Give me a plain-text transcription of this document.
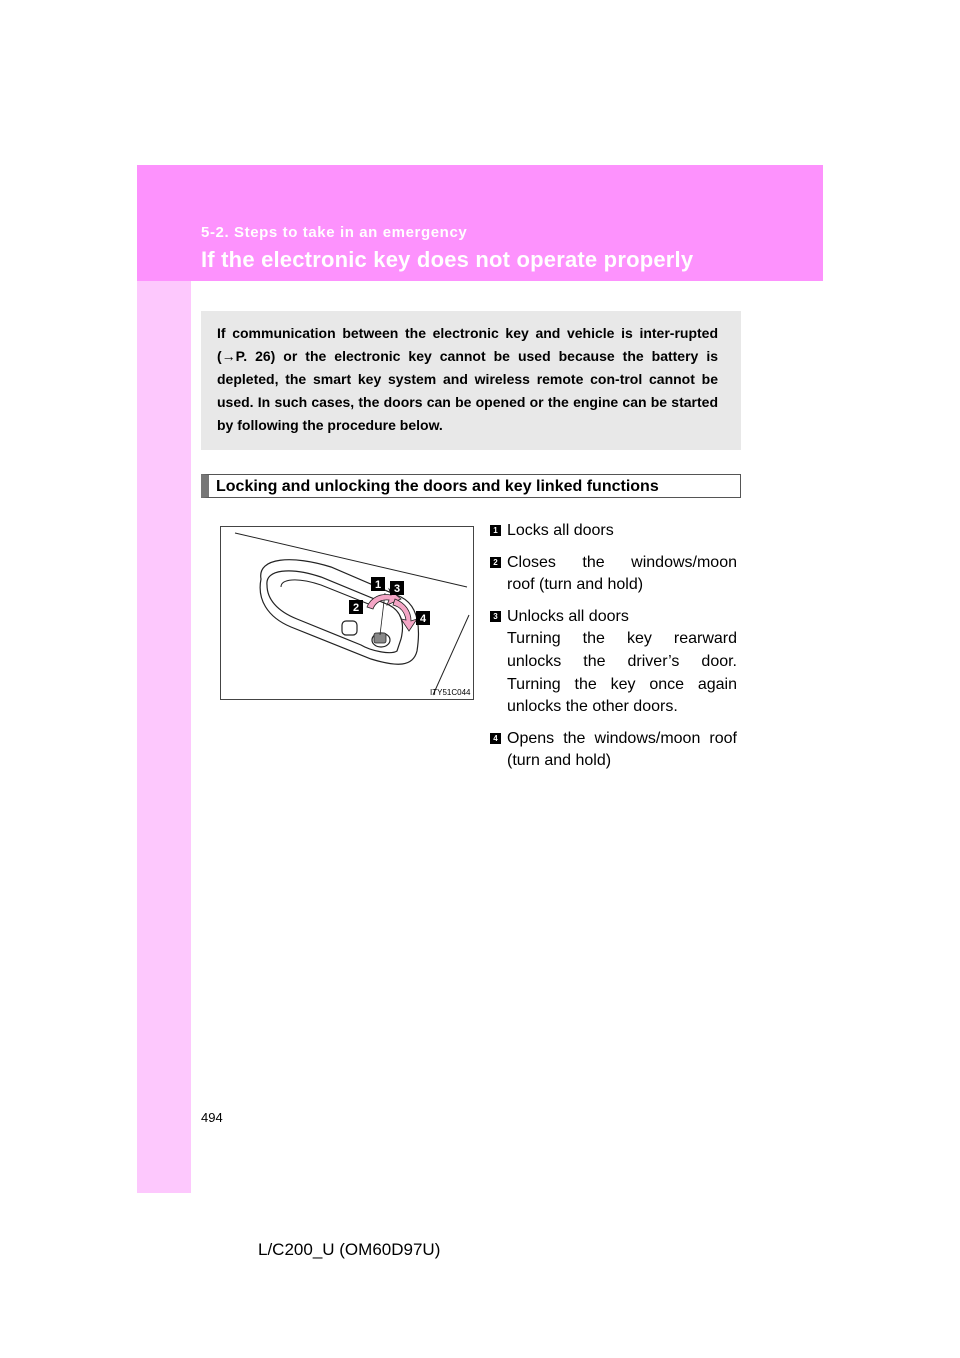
5-2. Steps to take in an emergency
If the electronic key does not operate properly

If communication between the electronic key and vehicle is inter-rupted (→P. 26) or the electronic key cannot be used because the battery is depleted, the smart key system and wireless remote con-trol cannot be used. In such cases, the doors can be opened or the engine can be started by following the procedure below.

Locking and unlocking the doors and key linked functions
1 3
2
4
ITY51C044
1 Locks all doors
2 Closes the windows/moon
roof (turn and hold)
3 Unlocks all doors
Turning the key rearward
unlocks the driver’s door.
Turning the key once again
unlocks the other doors.
4 Opens the windows/moon roof
(turn and hold)
494
L/C200_U (OM60D97U)
